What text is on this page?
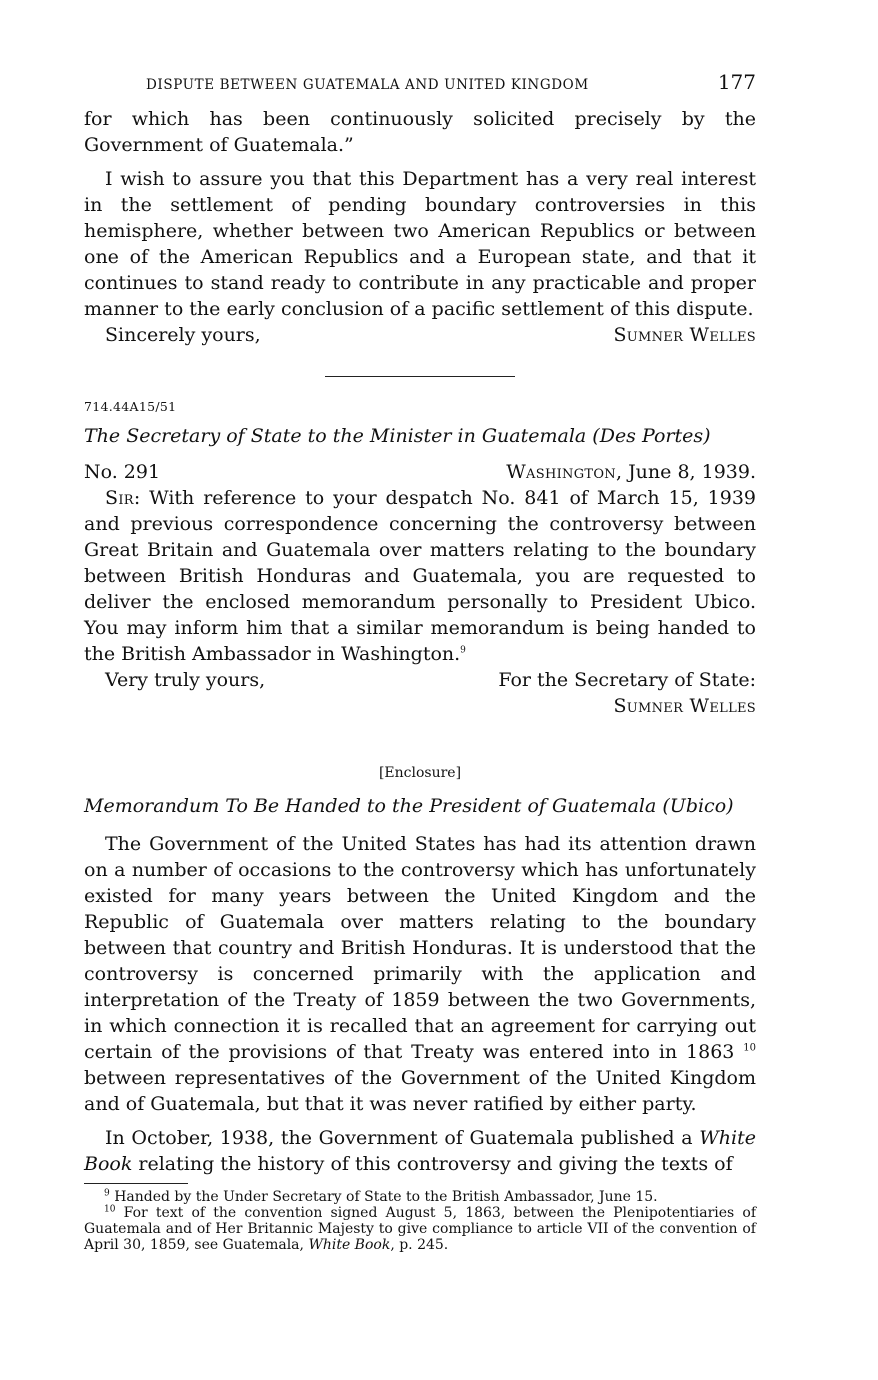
DISPUTE BETWEEN GUATEMALA AND UNITED KINGDOM	177

for which has been continuously solicited precisely by the Government of Guatemala.”

I wish to assure you that this Department has a very real interest in the settlement of pending boundary controversies in this hemisphere, whether between two American Republics or between one of the American Republics and a European state, and that it continues to stand ready to contribute in any practicable and proper manner to the early conclusion of a pacific settlement of this dispute.

Sincerely yours,	Sumner Welles
714.44A15/51
The Secretary of State to the Minister in Guatemala (Des Portes)
No. 291	Washington, June 8, 1939.

Sir: With reference to your despatch No. 841 of March 15, 1939 and previous correspondence concerning the controversy between Great Britain and Guatemala over matters relating to the boundary between British Honduras and Guatemala, you are requested to deliver the enclosed memorandum personally to President Ubico. You may inform him that a similar memorandum is being handed to the British Ambassador in Washington.$^9$

Very truly yours,	For the Secretary of State:
Sumner Welles
[Enclosure]
Memorandum To Be Handed to the President of Guatemala (Ubico)

The Government of the United States has had its attention drawn on a number of occasions to the controversy which has unfortunately existed for many years between the United Kingdom and the Republic of Guatemala over matters relating to the boundary between that country and British Honduras. It is understood that the controversy is concerned primarily with the application and interpretation of the Treaty of 1859 between the two Governments, in which connection it is recalled that an agreement for carrying out certain of the provisions of that Treaty was entered into in 1863 $^{10}$ between representatives of the Government of the United Kingdom and of Guatemala, but that it was never ratified by either party.

In October, 1938, the Government of Guatemala published a White Book relating the history of this controversy and giving the texts of

$^9$ Handed by the Under Secretary of State to the British Ambassador, June 15.
$^{10}$ For text of the convention signed August 5, 1863, between the Plenipotentiaries of Guatemala and of Her Britannic Majesty to give compliance to article VII of the convention of April 30, 1859, see Guatemala, White Book, p. 245.
